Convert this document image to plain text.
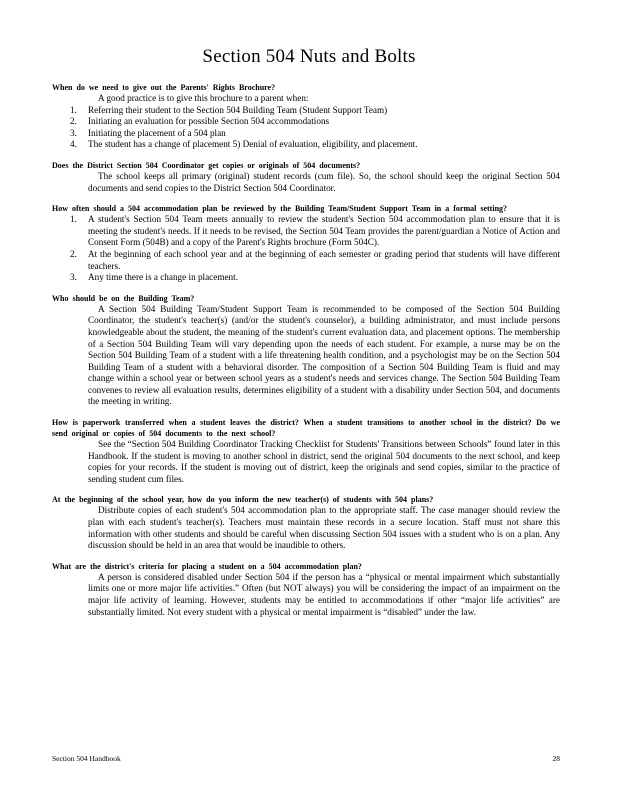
Section 504 Nuts and Bolts
When do we need to give out the Parents' Rights Brochure?
A good practice is to give this brochure to a parent when:
1. Referring their student to the Section 504 Building Team (Student Support Team)
2. Initiating an evaluation for possible Section 504 accommodations
3. Initiating the placement of a 504 plan
4. The student has a change of placement 5) Denial of evaluation, eligibility, and placement.
Does the District Section 504 Coordinator get copies or originals of 504 documents?
The school keeps all primary (original) student records (cum file). So, the school should keep the original Section 504 documents and send copies to the District Section 504 Coordinator.
How often should a 504 accommodation plan be reviewed by the Building Team/Student Support Team in a formal setting?
1. A student's Section 504 Team meets annually to review the student's Section 504 accommodation plan to ensure that it is meeting the student's needs. If it needs to be revised, the Section 504 Team provides the parent/guardian a Notice of Action and Consent Form (504B) and a copy of the Parent's Rights brochure (Form 504C).
2. At the beginning of each school year and at the beginning of each semester or grading period that students will have different teachers.
3. Any time there is a change in placement.
Who should be on the Building Team?
A Section 504 Building Team/Student Support Team is recommended to be composed of the Section 504 Building Coordinator, the student's teacher(s) (and/or the student's counselor), a building administrator, and must include persons knowledgeable about the student, the meaning of the student's current evaluation data, and placement options. The membership of a Section 504 Building Team will vary depending upon the needs of each student. For example, a nurse may be on the Section 504 Building Team of a student with a life threatening health condition, and a psychologist may be on the Section 504 Building Team of a student with a behavioral disorder. The composition of a Section 504 Building Team is fluid and may change within a school year or between school years as a student's needs and services change. The Section 504 Building Team convenes to review all evaluation results, determines eligibility of a student with a disability under Section 504, and documents the meeting in writing.
How is paperwork transferred when a student leaves the district? When a student transitions to another school in the district? Do we send original or copies of 504 documents to the next school?
See the “Section 504 Building Coordinator Tracking Checklist for Students' Transitions between Schools” found later in this Handbook. If the student is moving to another school in district, send the original 504 documents to the next school, and keep copies for your records. If the student is moving out of district, keep the originals and send copies, similar to the practice of sending student cum files.
At the beginning of the school year, how do you inform the new teacher(s) of students with 504 plans?
Distribute copies of each student's 504 accommodation plan to the appropriate staff. The case manager should review the plan with each student's teacher(s). Teachers must maintain these records in a secure location. Staff must not share this information with other students and should be careful when discussing Section 504 issues with a student who is on a plan. Any discussion should be held in an area that would be inaudible to others.
What are the district's criteria for placing a student on a 504 accommodation plan?
A person is considered disabled under Section 504 if the person has a “physical or mental impairment which substantially limits one or more major life activities.” Often (but NOT always) you will be considering the impact of an impairment on the major life activity of learning. However, students may be entitled to accommodations if other “major life activities” are substantially limited. Not every student with a physical or mental impairment is “disabled” under the law.
Section 504 Handbook	28
